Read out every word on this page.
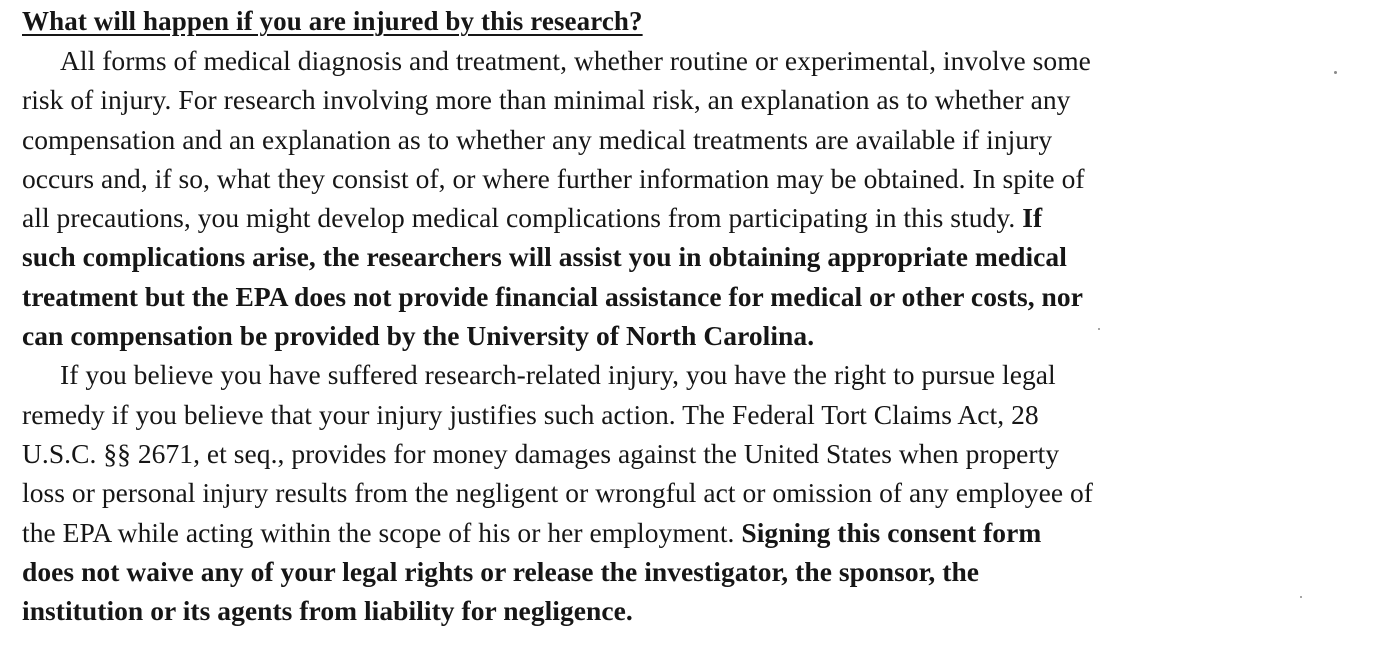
What will happen if you are injured by this research?
All forms of medical diagnosis and treatment, whether routine or experimental, involve some
risk of injury. For research involving more than minimal risk, an explanation as to whether any
compensation and an explanation as to whether any medical treatments are available if injury
occurs and, if so, what they consist of, or where further information may be obtained. In spite of
all precautions, you might develop medical complications from participating in this study. If
such complications arise, the researchers will assist you in obtaining appropriate medical
treatment but the EPA does not provide financial assistance for medical or other costs, nor
can compensation be provided by the University of North Carolina.
If you believe you have suffered research-related injury, you have the right to pursue legal
remedy if you believe that your injury justifies such action. The Federal Tort Claims Act, 28
U.S.C. §§ 2671, et seq., provides for money damages against the United States when property
loss or personal injury results from the negligent or wrongful act or omission of any employee of
the EPA while acting within the scope of his or her employment. Signing this consent form
does not waive any of your legal rights or release the investigator, the sponsor, the
institution or its agents from liability for negligence.
